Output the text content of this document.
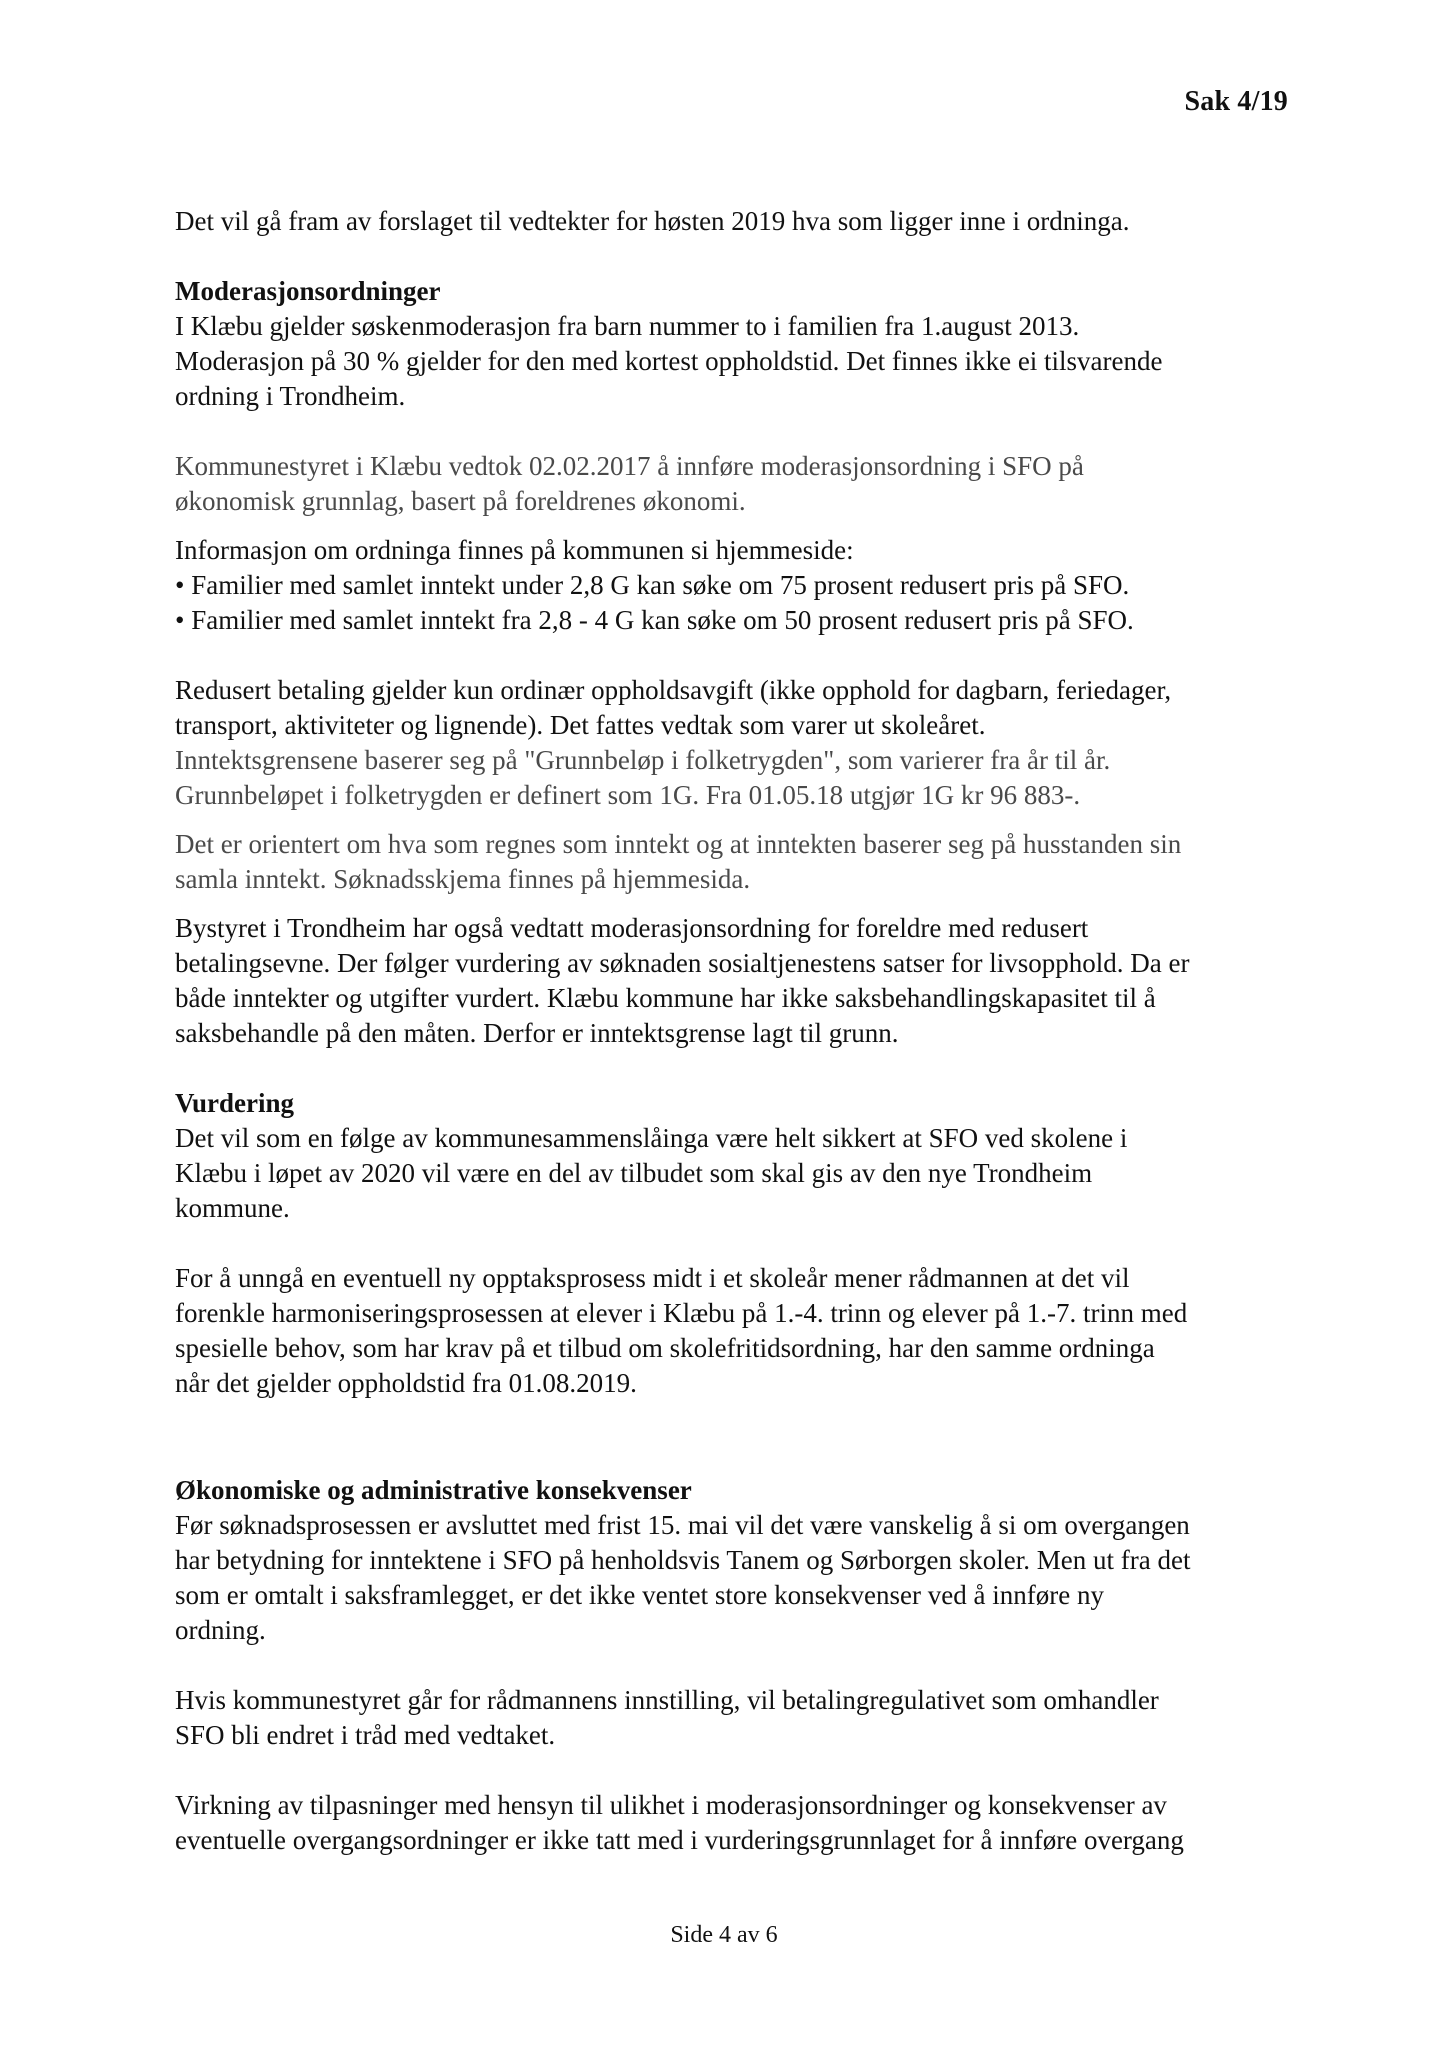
Sak 4/19

Det vil gå fram av forslaget til vedtekter for høsten 2019 hva som ligger inne i ordninga.

Moderasjonsordninger

I Klæbu gjelder søskenmoderasjon fra barn nummer to i familien fra 1.august 2013.
Moderasjon på 30 % gjelder for den med kortest oppholdstid. Det finnes ikke ei tilsvarende
ordning i Trondheim.
Kommunestyret i Klæbu vedtok 02.02.2017 å innføre moderasjonsordning i SFO på
økonomisk grunnlag, basert på foreldrenes økonomi.
Informasjon om ordninga finnes på kommunen si hjemmeside:
• Familier med samlet inntekt under 2,8 G kan søke om 75 prosent redusert pris på SFO.
• Familier med samlet inntekt fra 2,8 - 4 G kan søke om 50 prosent redusert pris på SFO.
Redusert betaling gjelder kun ordinær oppholdsavgift (ikke opphold for dagbarn, feriedager,
transport, aktiviteter og lignende). Det fattes vedtak som varer ut skoleåret.
Inntektsgrensene baserer seg på "Grunnbeløp i folketrygden", som varierer fra år til år.
Grunnbeløpet i folketrygden er definert som 1G. Fra 01.05.18 utgjør 1G kr 96 883-.
Det er orientert om hva som regnes som inntekt og at inntekten baserer seg på husstanden sin
samla inntekt. Søknadsskjema finnes på hjemmesida.
Bystyret i Trondheim har også vedtatt moderasjonsordning for foreldre med redusert
betalingsevne. Der følger vurdering av søknaden sosialtjenestens satser for livsopphold. Da er
både inntekter og utgifter vurdert. Klæbu kommune har ikke saksbehandlingskapasitet til å
saksbehandle på den måten. Derfor er inntektsgrense lagt til grunn.

Vurdering

Det vil som en følge av kommunesammenslåinga være helt sikkert at SFO ved skolene i
Klæbu i løpet av 2020 vil være en del av tilbudet som skal gis av den nye Trondheim
kommune.
For å unngå en eventuell ny opptaksprosess midt i et skoleår mener rådmannen at det vil
forenkle harmoniseringsprosessen at elever i Klæbu på 1.-4. trinn og elever på 1.-7. trinn med
spesielle behov, som har krav på et tilbud om skolefritidsordning, har den samme ordninga
når det gjelder oppholdstid fra 01.08.2019.

Økonomiske og administrative konsekvenser

Før søknadsprosessen er avsluttet med frist 15. mai vil det være vanskelig å si om overgangen
har betydning for inntektene i SFO på henholdsvis Tanem og Sørborgen skoler. Men ut fra det
som er omtalt i saksframlegget, er det ikke ventet store konsekvenser ved å innføre ny
ordning.
Hvis kommunestyret går for rådmannens innstilling, vil betalingregulativet som omhandler
SFO bli endret i tråd med vedtaket.
Virkning av tilpasninger med hensyn til ulikhet i moderasjonsordninger og konsekvenser av
eventuelle overgangsordninger er ikke tatt med i vurderingsgrunnlaget for å innføre overgang
Side 4 av 6
